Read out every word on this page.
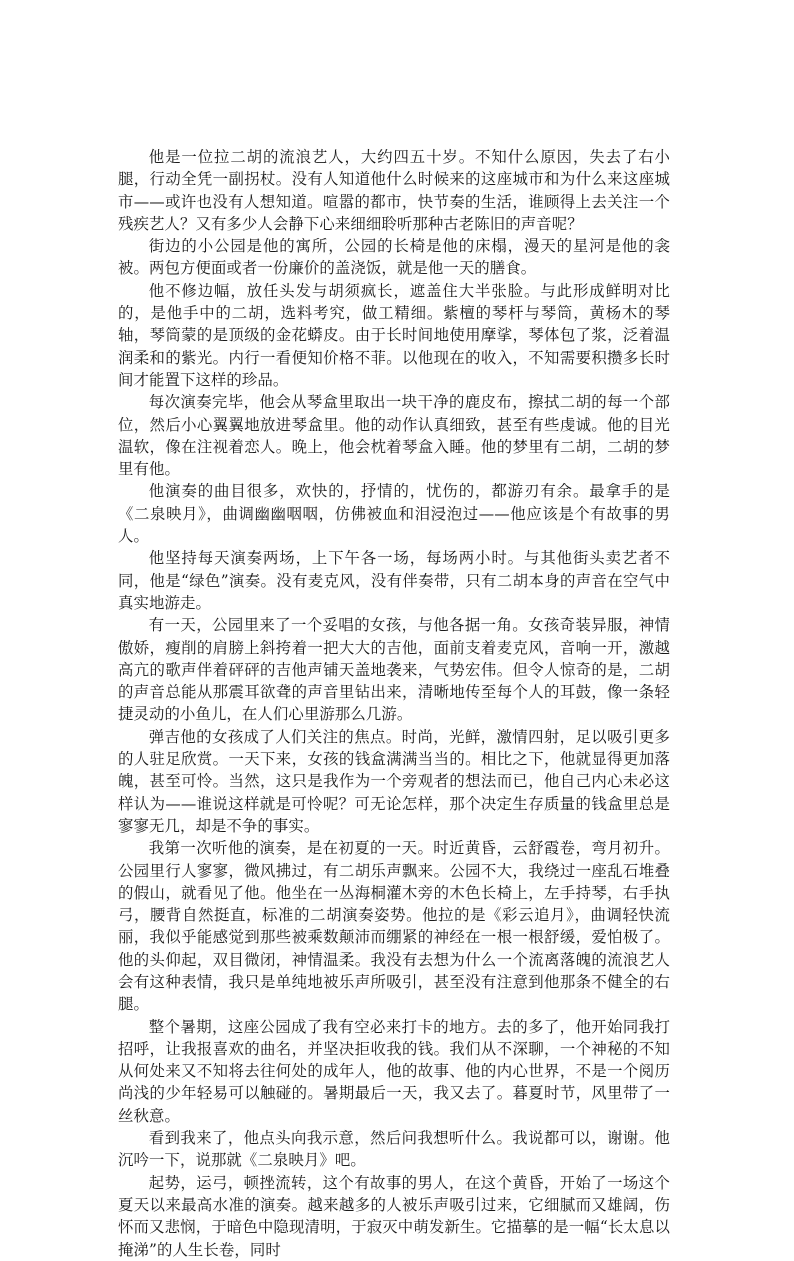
他是一位拉二胡的流浪艺人，大约四五十岁。不知什么原因，失去了右小腿，行动全凭一副拐杖。没有人知道他什么时候来的这座城市和为什么来这座城市——或许也没有人想知道。喧嚣的都市，快节奏的生活，谁顾得上去关注一个残疾艺人？又有多少人会静下心来细细聆听那种古老陈旧的声音呢？

街边的小公园是他的寓所，公园的长椅是他的床榻，漫天的星河是他的衾被。两包方便面或者一份廉价的盖浇饭，就是他一天的膳食。

他不修边幅，放任头发与胡须疯长，遮盖住大半张脸。与此形成鲜明对比的，是他手中的二胡，选料考究，做工精细。紫檀的琴杆与琴筒，黄杨木的琴轴，琴筒蒙的是顶级的金花蟒皮。由于长时间地使用摩挲，琴体包了浆，泛着温润柔和的紫光。内行一看便知价格不菲。以他现在的收入，不知需要积攒多长时间才能置下这样的珍品。

每次演奏完毕，他会从琴盒里取出一块干净的鹿皮布，擦拭二胡的每一个部位，然后小心翼翼地放进琴盒里。他的动作认真细致，甚至有些虔诚。他的目光温软，像在注视着恋人。晚上，他会枕着琴盒入睡。他的梦里有二胡，二胡的梦里有他。

他演奏的曲目很多，欢快的，抒情的，忧伤的，都游刃有余。最拿手的是《二泉映月》，曲调幽幽咽咽，仿佛被血和泪浸泡过——他应该是个有故事的男人。

他坚持每天演奏两场，上下午各一场，每场两小时。与其他街头卖艺者不同，他是“绿色”演奏。没有麦克风，没有伴奏带，只有二胡本身的声音在空气中真实地游走。

有一天，公园里来了一个妥唱的女孩，与他各据一角。女孩奇装异服，神情傲娇，瘦削的肩膀上斜挎着一把大大的吉他，面前支着麦克风，音响一开，激越高亢的歌声伴着砰砰的吉他声铺天盖地袭来，气势宏伟。但令人惊奇的是，二胡的声音总能从那震耳欲聋的声音里钻出来，清晰地传至每个人的耳鼓，像一条轻捷灵动的小鱼儿，在人们心里游那么几游。

弹吉他的女孩成了人们关注的焦点。时尚，光鲜，激情四射，足以吸引更多的人驻足欣赏。一天下来，女孩的钱盒满满当当的。相比之下，他就显得更加落魄，甚至可怜。当然，这只是我作为一个旁观者的想法而已，他自己内心未必这样认为——谁说这样就是可怜呢？可无论怎样，那个决定生存质量的钱盒里总是寥寥无几，却是不争的事实。

我第一次听他的演奏，是在初夏的一天。时近黄昏，云舒霞卷，弯月初升。公园里行人寥寥，微风拂过，有二胡乐声飘来。公园不大，我绕过一座乱石堆叠的假山，就看见了他。他坐在一丛海桐灌木旁的木色长椅上，左手持琴，右手执弓，腰背自然挺直，标准的二胡演奏姿势。他拉的是《彩云追月》，曲调轻快流丽，我似乎能感觉到那些被乘数颠沛而绷紧的神经在一根一根舒缓，爱怕极了。他的头仰起，双目微闭，神情温柔。我没有去想为什么一个流离落魄的流浪艺人会有这种表情，我只是单纯地被乐声所吸引，甚至没有注意到他那条不健全的右腿。

整个暑期，这座公园成了我有空必来打卡的地方。去的多了，他开始同我打招呼，让我报喜欢的曲名，并坚决拒收我的钱。我们从不深聊，一个神秘的不知从何处来又不知将去往何处的成年人，他的故事、他的内心世界，不是一个阅历尚浅的少年轻易可以触碰的。暑期最后一天，我又去了。暮夏时节，风里带了一丝秋意。

看到我来了，他点头向我示意，然后问我想听什么。我说都可以，谢谢。他沉吟一下，说那就《二泉映月》吧。

起势，运弓，顿挫流转，这个有故事的男人，在这个黄昏，开始了一场这个夏天以来最高水准的演奏。越来越多的人被乐声吸引过来，它细腻而又雄阔，伤怀而又悲悯，于暗色中隐现清明，于寂灭中萌发新生。它描摹的是一幅“长太息以掩涕”的人生长卷，同时
